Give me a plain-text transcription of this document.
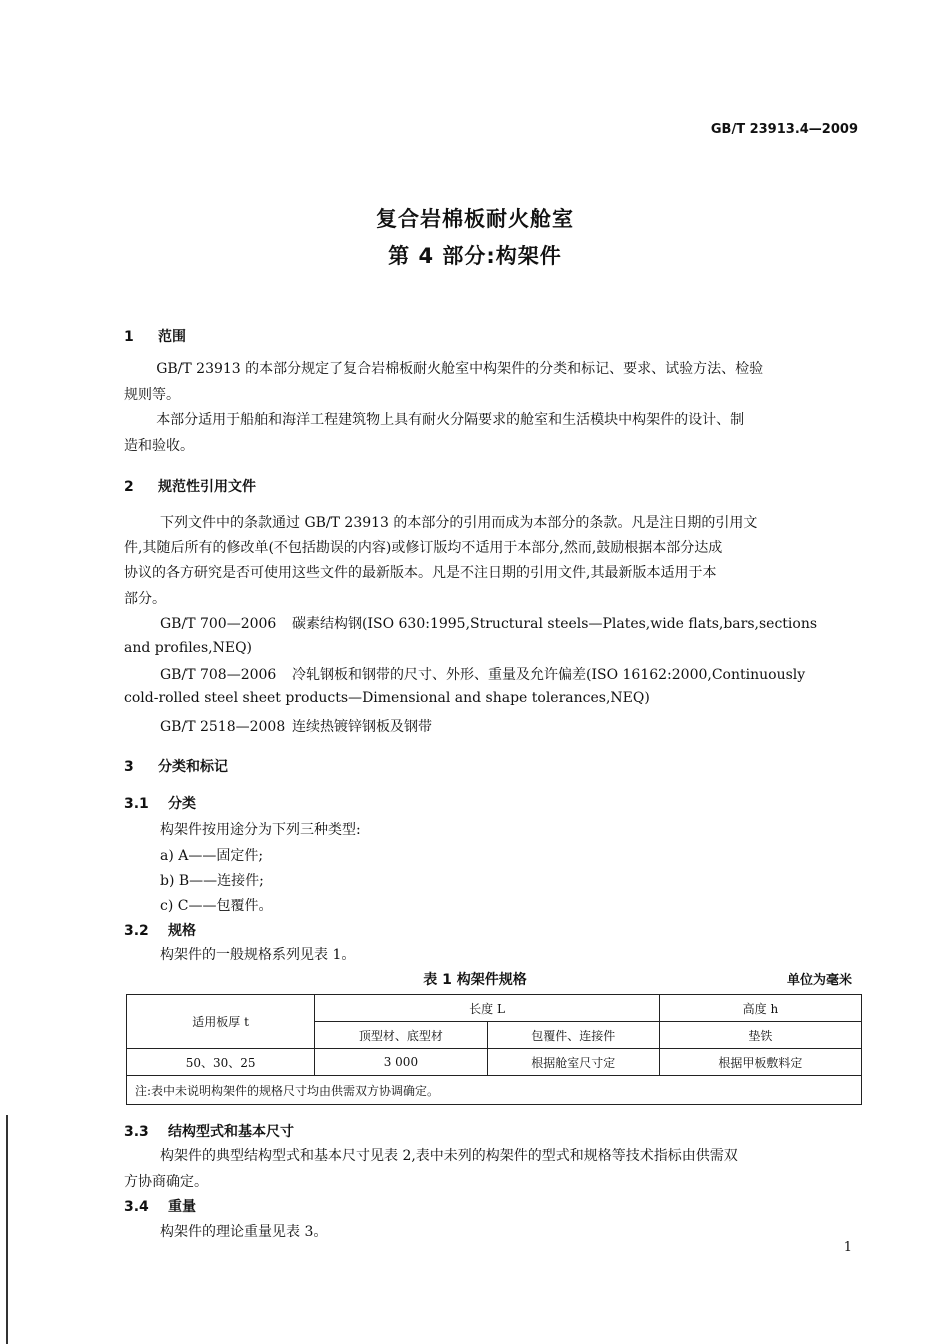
GB/T 23913.4—2009
复合岩棉板耐火舱室
第 4 部分:构架件
1 范围
GB/T 23913 的本部分规定了复合岩棉板耐火舱室中构架件的分类和标记、要求、试验方法、检验
规则等。
本部分适用于船舶和海洋工程建筑物上具有耐火分隔要求的舱室和生活模块中构架件的设计、制
造和验收。
2 规范性引用文件
下列文件中的条款通过 GB/T 23913 的本部分的引用而成为本部分的条款。凡是注日期的引用文
件,其随后所有的修改单(不包括勘误的内容)或修订版均不适用于本部分,然而,鼓励根据本部分达成
协议的各方研究是否可使用这些文件的最新版本。凡是不注日期的引用文件,其最新版本适用于本
部分。
GB/T 700—2006 碳素结构钢(ISO 630:1995,Structural steels—Plates,wide flats,bars,sections
and profiles,NEQ)
GB/T 708—2006 冷轧钢板和钢带的尺寸、外形、重量及允许偏差(ISO 16162:2000,Continuously
cold-rolled steel sheet products—Dimensional and shape tolerances,NEQ)
GB/T 2518—2008 连续热镀锌钢板及钢带
3 分类和标记
3.1 分类
构架件按用途分为下列三种类型:
a) A——固定件;
b) B——连接件;
c) C——包覆件。
3.2 规格
构架件的一般规格系列见表 1。
表 1 构架件规格	单位为毫米
适用板厚 t	长度 L		高度 h
	顶型材、底型材	包覆件、连接件	垫铁
50、30、25	3 000	根据舱室尺寸定	根据甲板敷料定
注:表中未说明构架件的规格尺寸均由供需双方协调确定。			
3.3 结构型式和基本尺寸
构架件的典型结构型式和基本尺寸见表 2,表中未列的构架件的型式和规格等技术指标由供需双
方协商确定。
3.4 重量
构架件的理论重量见表 3。
1
